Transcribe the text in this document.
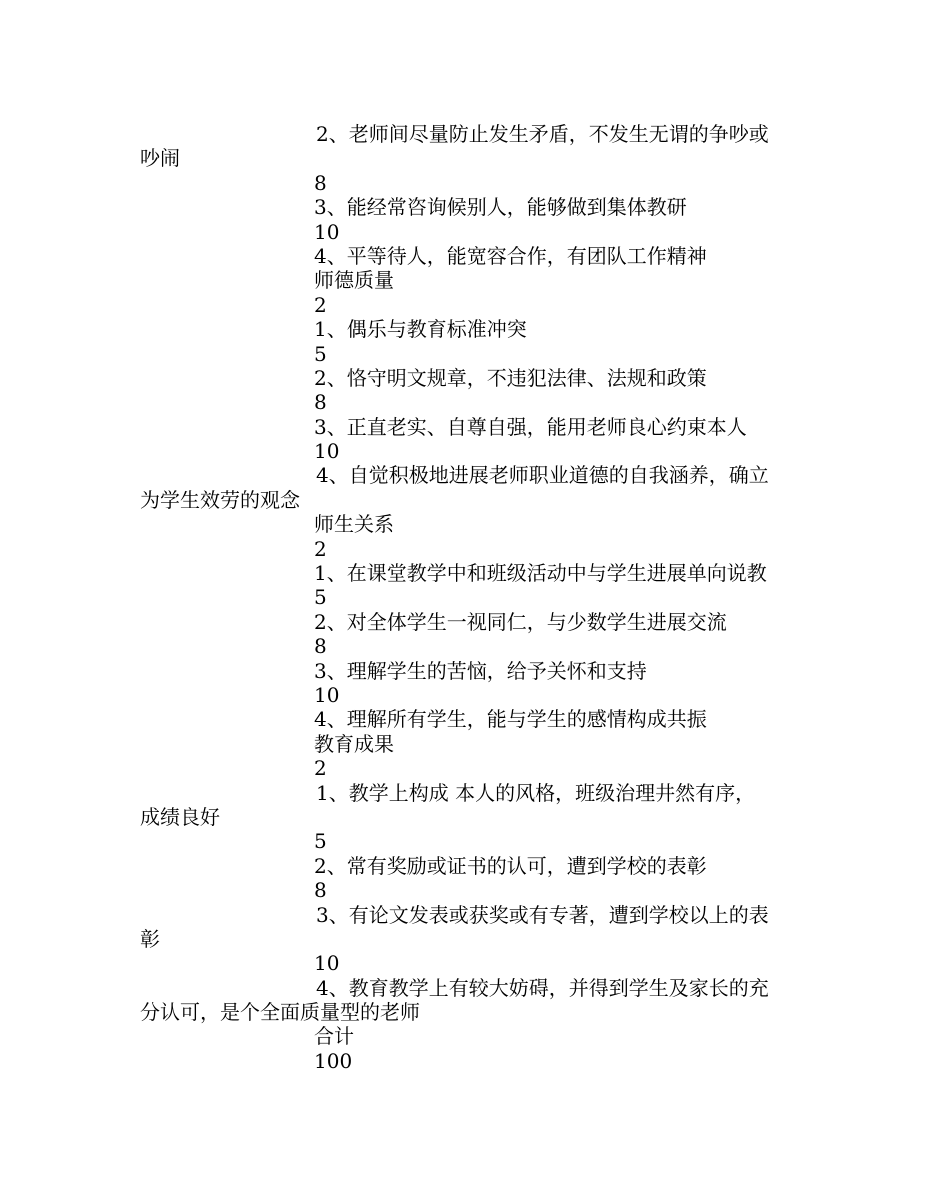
2、老师间尽量防止发生矛盾，不发生无谓的争吵或
吵闹
8
3、能经常咨询候别人，能够做到集体教研
10
4、平等待人，能宽容合作，有团队工作精神
师德质量
2
1、偶乐与教育标准冲突
5
2、恪守明文规章，不违犯法律、法规和政策
8
3、正直老实、自尊自强，能用老师良心约束本人
10
4、自觉积极地进展老师职业道德的自我涵养，确立
为学生效劳的观念
师生关系
2
1、在课堂教学中和班级活动中与学生进展单向说教
5
2、对全体学生一视同仁，与少数学生进展交流
8
3、理解学生的苦恼，给予关怀和支持
10
4、理解所有学生，能与学生的感情构成共振
教育成果
2
1、教学上构成 本人的风格，班级治理井然有序，
成绩良好
5
2、常有奖励或证书的认可，遭到学校的表彰
8
3、有论文发表或获奖或有专著，遭到学校以上的表
彰
10
4、教育教学上有较大妨碍，并得到学生及家长的充
分认可，是个全面质量型的老师
合计
100
